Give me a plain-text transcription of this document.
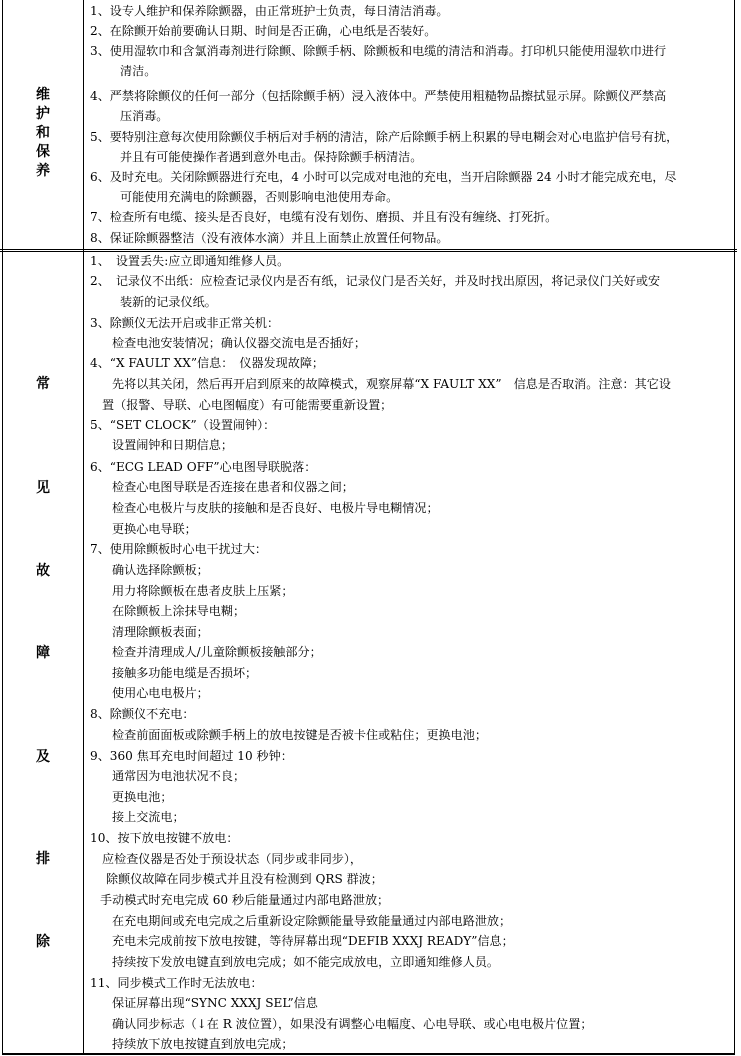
维
护
和
保
养
1、设专人维护和保养除颤器，由正常班护士负责，每日清洁消毒。
2、在除颤开始前要确认日期、时间是否正确，心电纸是否装好。
3、使用湿软巾和含氯消毒剂进行除颤、除颤手柄、除颤板和电缆的清洁和消毒。打印机只能使用湿软巾进行
清洁。
4、严禁将除颤仪的任何一部分（包括除颤手柄）浸入液体中。严禁使用粗糙物品擦拭显示屏。除颤仪严禁高
压消毒。
5、要特别注意每次使用除颤仪手柄后对手柄的清洁，除产后除颤手柄上积累的导电糊会对心电监护信号有扰，
并且有可能使操作者遇到意外电击。保持除颤手柄清洁。
6、及时充电。关闭除颤器进行充电，4 小时可以完成对电池的充电，当开启除颤器 24 小时才能完成充电，尽
可能使用充满电的除颤器，否则影响电池使用寿命。
7、检查所有电缆、接头是否良好，电缆有没有划伤、磨损、并且有没有缠绕、打死折。
8、保证除颤器整洁（没有液体水滴）并且上面禁止放置任何物品。
常
见
故
障
及
排
除
1、　设置丢失:应立即通知维修人员。
2、　记录仪不出纸：应检查记录仪内是否有纸，记录仪门是否关好，并及时找出原因，将记录仪门关好或安
装新的记录仪纸。
3、除颤仪无法开启或非正常关机：
检查电池安装情况；确认仪器交流电是否插好；
4、“X FAULT XX”信息：　仪器发现故障；
先将以其关闭，然后再开启到原来的故障模式，观察屏幕“X FAULT XX”　信息是否取消。注意：其它设
置（报警、导联、心电图幅度）有可能需要重新设置；
5、“SET CLOCK”（设置闹钟）：
设置闹钟和日期信息；
6、“ECG LEAD OFF”心电图导联脱落：
检查心电图导联是否连接在患者和仪器之间；
检查心电极片与皮肤的接触和是否良好、电极片导电糊情况；
更换心电导联；
7、使用除颤板时心电干扰过大：
确认选择除颤板；
用力将除颤板在患者皮肤上压紧；
在除颤板上涂抹导电糊；
清理除颤板表面；
检查并清理成人/儿童除颤板接触部分；
接触多功能电缆是否损坏；
使用心电电极片；
8、除颤仪不充电：
检查前面面板或除颤手柄上的放电按键是否被卡住或粘住；更换电池；
9、360 焦耳充电时间超过 10 秒钟：
通常因为电池状况不良；
更换电池；
接上交流电；
10、按下放电按键不放电：
应检查仪器是否处于预设状态（同步或非同步），
除颤仪故障在同步模式并且没有检测到 QRS 群波；
手动模式时充电完成 60 秒后能量通过内部电路泄放；
在充电期间或充电完成之后重新设定除颤能量导致能量通过内部电路泄放；
充电未完成前按下放电按键，等待屏幕出现“DEFIB XXXJ READY”信息；
持续按下发放电键直到放电完成；如不能完成放电，立即通知维修人员。
11、同步模式工作时无法放电：
保证屏幕出现“SYNC XXXJ SEL”信息
确认同步标志（↓在 R 波位置），如果没有调整心电幅度、心电导联、或心电电极片位置；
持续放下放电按键直到放电完成；
